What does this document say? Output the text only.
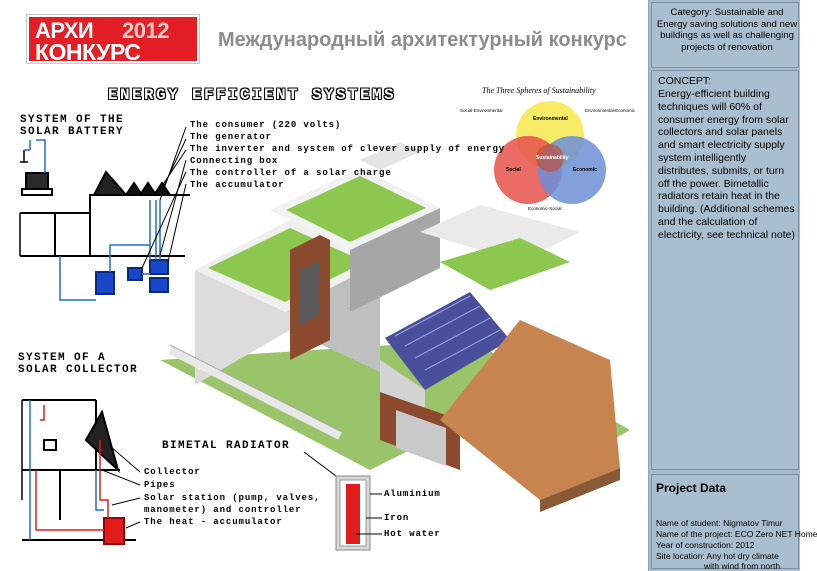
АРХИ 2012
КОНКУРС	Международный архитектурный конкурс
ENERGY EFFICIENT SYSTEMS
SYSTEM OF THE
SOLAR BATTERY
The consumer (220 volts)
The generator
The inverter and system of clever supply of energy
Connecting box
The controller of a solar charge
The accumulator
SYSTEM OF A
SOLAR COLLECTOR
Collector
Pipes
Solar station (pump, valves,
manometer) and controller
The heat - accumulator
BIMETAL RADIATOR
Aluminium
Iron
Hot water
The Three Spheres of Sustainability
Environmental
Social	Economic
Sustainability
Social-Environmental	Environmental-Economic
Economic-Social
Category: Sustainable and Energy saving solutions and new buildings as well as challenging projects of renovation
CONCEPT:
Energy-efficient building techniques will 60% of consumer energy from solar collectors and solar panels and smart electricity supply system intelligently distributes, submits, or turn off the power. Bimetallic radiators retain heat in the building. (Additional schemes and the calculation of electricity, see technical note)
Project Data
Name of student: Nigmatov Timur
Name of the project: ECO Zero NET Home
Year of construction: 2012
Site location: Any hot dry climate
with wind from north
